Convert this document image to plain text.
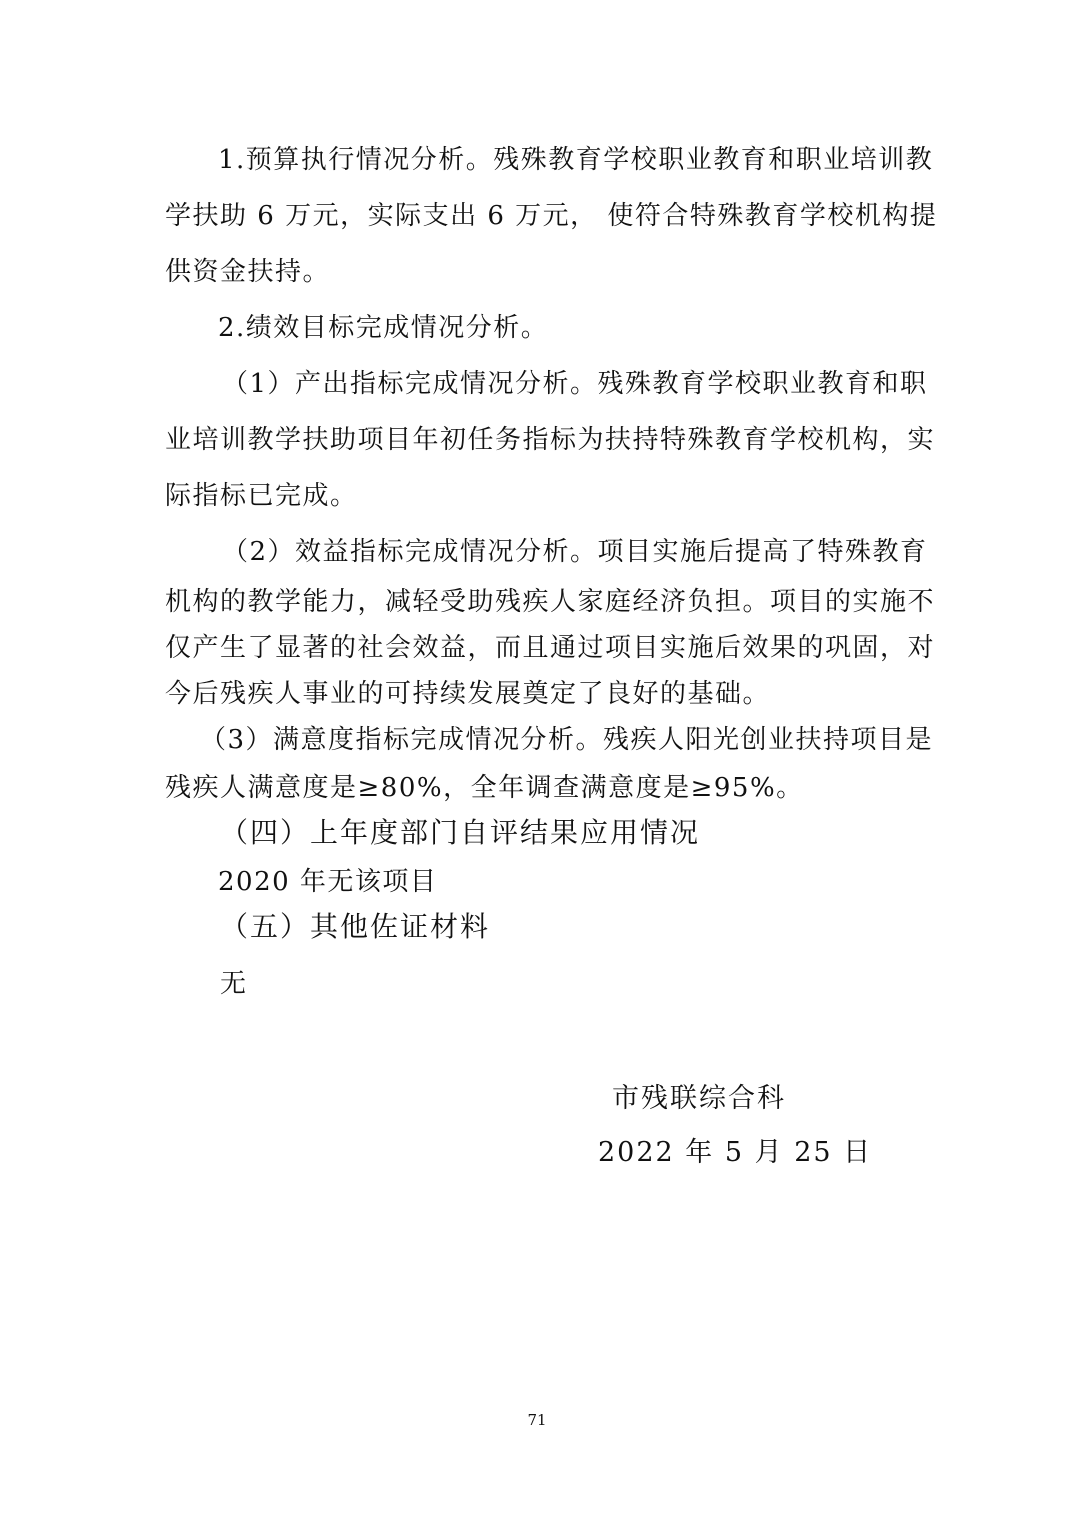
1.预算执行情况分析。残殊教育学校职业教育和职业培训教
学扶助 6 万元，实际支出 6 万元， 使符合特殊教育学校机构提
供资金扶持。
2.绩效目标完成情况分析。
（1）产出指标完成情况分析。残殊教育学校职业教育和职
业培训教学扶助项目年初任务指标为扶持特殊教育学校机构，实
际指标已完成。
（2）效益指标完成情况分析。项目实施后提高了特殊教育
机构的教学能力，减轻受助残疾人家庭经济负担。项目的实施不
仅产生了显著的社会效益，而且通过项目实施后效果的巩固，对
今后残疾人事业的可持续发展奠定了良好的基础。
（3）满意度指标完成情况分析。残疾人阳光创业扶持项目是
残疾人满意度是≥80%，全年调查满意度是≥95%。
（四）上年度部门自评结果应用情况
2020 年无该项目
（五）其他佐证材料
无
市残联综合科
2022 年 5 月 25 日
71
